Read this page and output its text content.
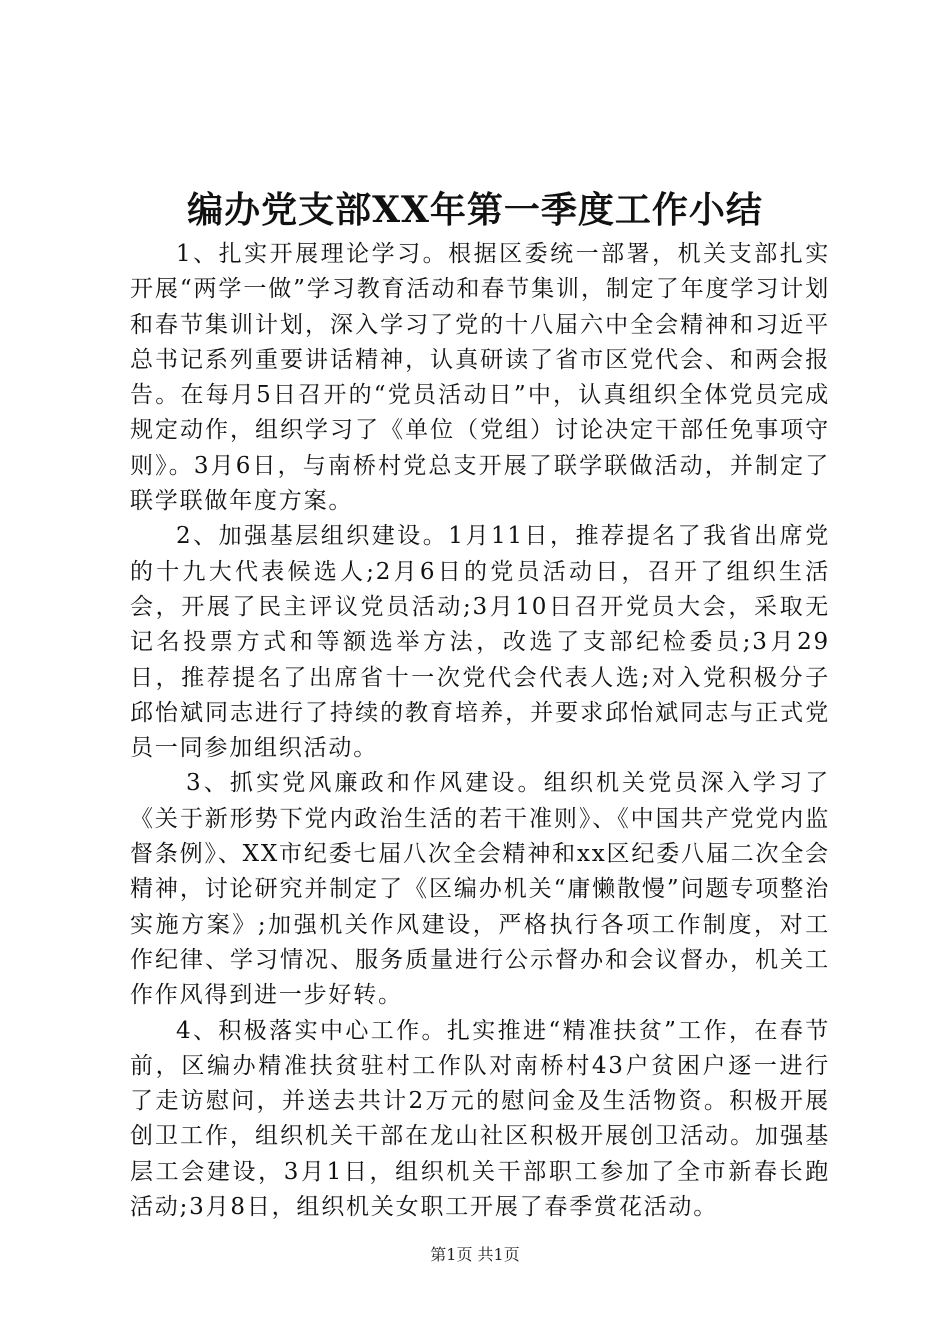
编办党支部XX年第一季度工作小结

1、扎实开展理论学习。根据区委统一部署，机关支部扎实开展“两学一做”学习教育活动和春节集训，制定了年度学习计划和春节集训计划，深入学习了党的十八届六中全会精神和习近平总书记系列重要讲话精神，认真研读了省市区党代会、和两会报告。在每月5日召开的“党员活动日”中，认真组织全体党员完成规定动作，组织学习了《单位（党组）讨论决定干部任免事项守则》。3月6日，与南桥村党总支开展了联学联做活动，并制定了联学联做年度方案。

2、加强基层组织建设。1月11日，推荐提名了我省出席党的十九大代表候选人;2月6日的党员活动日，召开了组织生活会，开展了民主评议党员活动;3月10日召开党员大会，采取无记名投票方式和等额选举方法，改选了支部纪检委员;3月29日，推荐提名了出席省十一次党代会代表人选;对入党积极分子邱怡斌同志进行了持续的教育培养，并要求邱怡斌同志与正式党员一同参加组织活动。

3、抓实党风廉政和作风建设。组织机关党员深入学习了《关于新形势下党内政治生活的若干准则》、《中国共产党党内监督条例》、XX市纪委七届八次全会精神和xx区纪委八届二次全会精神，讨论研究并制定了《区编办机关“庸懒散慢”问题专项整治实施方案》;加强机关作风建设，严格执行各项工作制度，对工作纪律、学习情况、服务质量进行公示督办和会议督办，机关工作作风得到进一步好转。

4、积极落实中心工作。扎实推进“精准扶贫”工作，在春节前，区编办精准扶贫驻村工作队对南桥村43户贫困户逐一进行了走访慰问，并送去共计2万元的慰问金及生活物资。积极开展创卫工作，组织机关干部在龙山社区积极开展创卫活动。加强基层工会建设，3月1日，组织机关干部职工参加了全市新春长跑活动;3月8日，组织机关女职工开展了春季赏花活动。

第1页 共1页
